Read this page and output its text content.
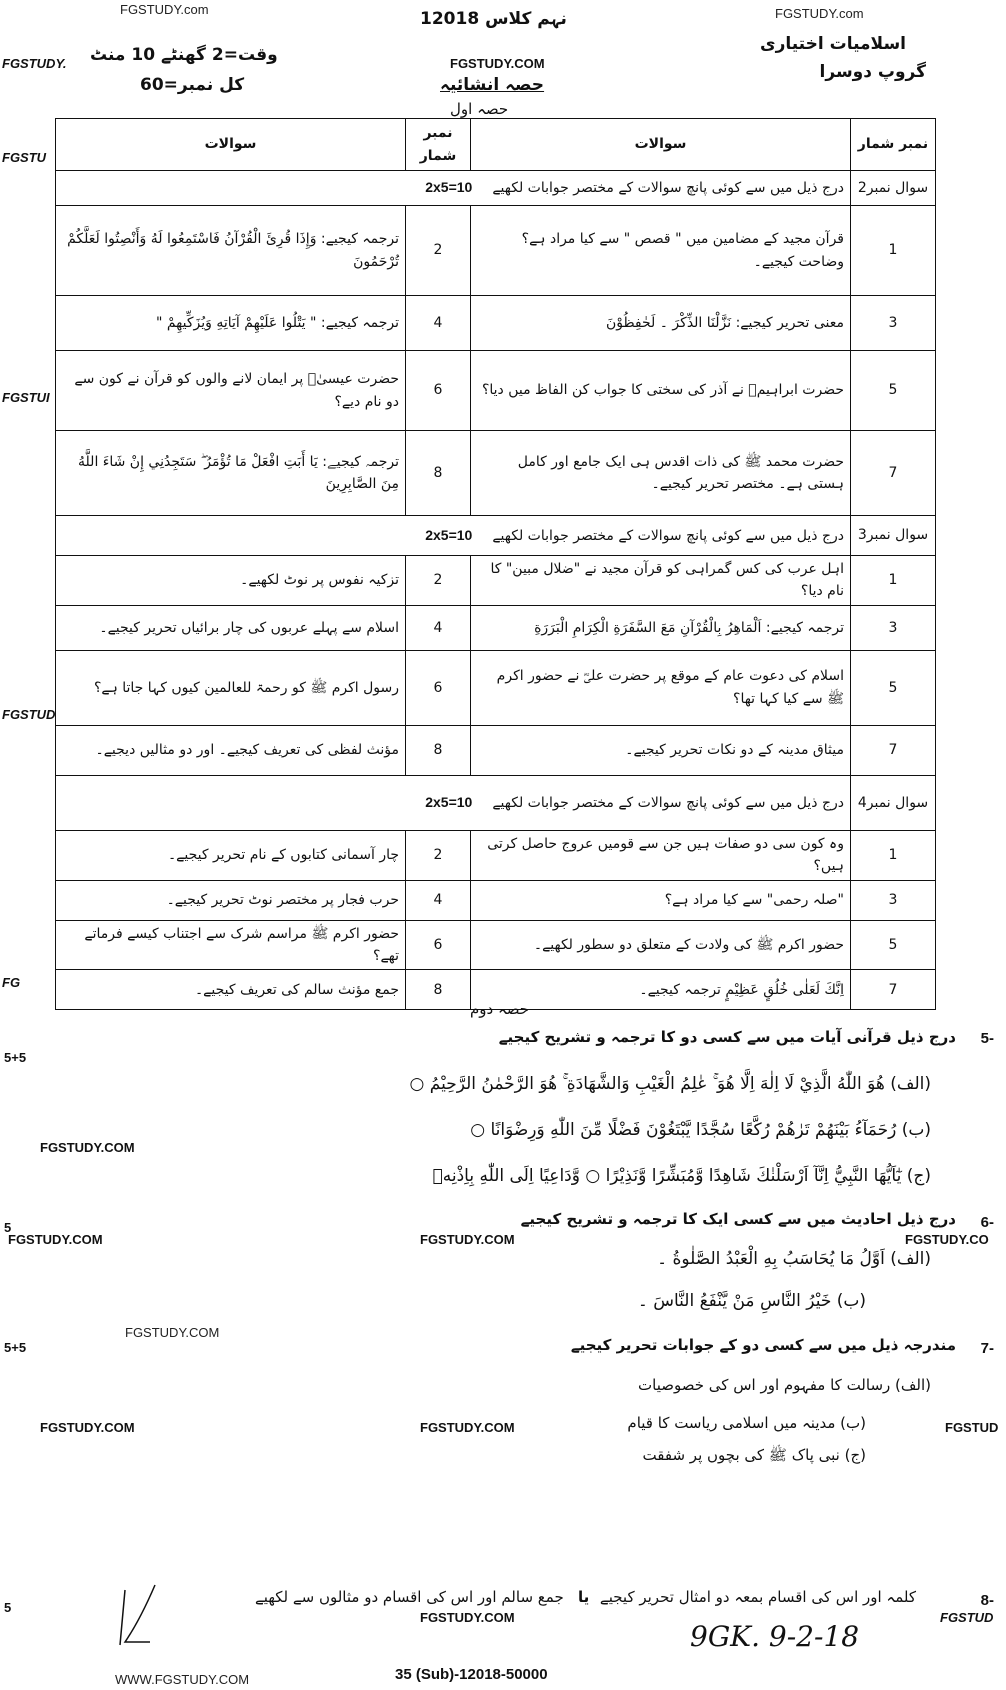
FGSTUDY.com	FGSTUDY.com
نہم کلاس 12018
اسلامیات اختیاری
گروپ دوسرا
وقت=2 گھنٹے 10 منٹ
FGSTUDY.
کل نمبر=60
FGSTUDY.COM
حصہ انشائیہ
حصہ اول
FGSTU
FGSTUI
FGSTUD
FG
نمبر شمار	سوالات	نمبر شمار	سوالات
سوال نمبر2	درج ذیل میں سے کوئی پانچ سوالات کے مختصر جوابات لکھیے2x5=10		
1	قرآن مجید کے مضامین میں " قصص " سے کیا مراد ہے؟ وضاحت کیجیے۔	2	ترجمہ کیجیے: وَإِذَا قُرِئَ الْقُرْآنُ فَاسْتَمِعُوا لَهُ وَأَنْصِتُوا لَعَلَّكُمْ تُرْحَمُونَ
3	معنی تحریر کیجیے: نَزَّلْنَا الذِّكْرَ ۔ لَحٰفِظُوْنَ	4	ترجمہ کیجیے: " يَتْلُوا عَلَيْهِمْ آيَاتِهِ وَيُزَكِّيهِمْ "
5	حضرت ابراہیمؑ نے آذر کی سختی کا جواب کن الفاظ میں دیا؟	6	حضرت عیسیٰؑ پر ایمان لانے والوں کو قرآن نے کون سے دو نام دیے؟
7	حضرت محمد ﷺ کی ذات اقدس ہی ایک جامع اور کامل ہستی ہے۔ مختصر تحریر کیجیے۔	8	ترجمہ کیجیے: يَا أَبَتِ افْعَلْ مَا تُؤْمَرُ ۖ سَتَجِدُنِي إِنْ شَاءَ اللَّهُ مِنَ الصَّابِرِينَ
سوال نمبر3	درج ذیل میں سے کوئی پانچ سوالات کے مختصر جوابات لکھیے2x5=10		
1	اہل عرب کی کس گمراہی کو قرآن مجید نے "ضلال مبین" کا نام دیا؟	2	تزکیہ نفوس پر نوٹ لکھیے۔
3	ترجمہ کیجیے: اَلْمَاهِرُ بِالْقُرْآنِ مَعَ السَّفَرَةِ الْكِرَامِ الْبَرَرَةِ	4	اسلام سے پہلے عربوں کی چار برائیاں تحریر کیجیے۔
5	اسلام کی دعوت عام کے موقع پر حضرت علیؓ نے حضور اکرم ﷺ سے کیا کہا تھا؟	6	رسول اکرم ﷺ کو رحمۃ للعالمین کیوں کہا جاتا ہے؟
7	میثاق مدینہ کے دو نکات تحریر کیجیے۔	8	مؤنث لفظی کی تعریف کیجیے۔ اور دو مثالیں دیجیے۔
سوال نمبر4	درج ذیل میں سے کوئی پانچ سوالات کے مختصر جوابات لکھیے2x5=10		
1	وہ کون سی دو صفات ہیں جن سے قومیں عروج حاصل کرتی ہیں؟	2	چار آسمانی کتابوں کے نام تحریر کیجیے۔
3	"صلہ رحمی" سے کیا مراد ہے؟	4	حرب فجار پر مختصر نوٹ تحریر کیجیے۔
5	حضور اکرم ﷺ کی ولادت کے متعلق دو سطور لکھیے۔	6	حضور اکرم ﷺ مراسم شرک سے اجتناب کیسے فرماتے تھے؟
7	اِنَّكَ لَعَلٰى خُلُقٍ عَظِيْمٍ ترجمہ کیجیے۔	8	جمع مؤنث سالم کی تعریف کیجیے۔
حصہ دوم
5-
درج ذیل قرآنی آیات میں سے کسی دو کا ترجمہ و تشریح کیجیے
5+5
(الف) هُوَ اللّٰهُ الَّذِيْ لَا اِلٰهَ اِلَّا هُوَ ۚ عٰلِمُ الْغَيْبِ وَالشَّهَادَةِ ۚ هُوَ الرَّحْمٰنُ الرَّحِيْمُ ○
(ب) رُحَمَآءُ بَيْنَهُمْ تَرٰهُمْ رُكَّعًا سُجَّدًا يَّبْتَغُوْنَ فَضْلًا مِّنَ اللّٰهِ وَرِضْوَانًا ○
FGSTUDY.COM
(ج) يٰٓاَيُّهَا النَّبِيُّ اِنَّآ اَرْسَلْنٰكَ شَاهِدًا وَّمُبَشِّرًا وَّنَذِيْرًا ○ وَّدَاعِيًا اِلَى اللّٰهِ بِاِذْنِهٖ
6-
درج ذیل احادیث میں سے کسی ایک کا ترجمہ و تشریح کیجیے
5
FGSTUDY.COM	FGSTUDY.COM	FGSTUDY.CO
(الف) اَوَّلُ مَا يُحَاسَبُ بِهِ الْعَبْدُ الصَّلٰوةُ ۔
(ب) خَيْرُ النَّاسِ مَنْ يَّنْفَعُ النَّاسَ ۔
7-
مندرجہ ذیل میں سے کسی دو کے جوابات تحریر کیجیے
5+5
FGSTUDY.COM
(الف) رسالت کا مفہوم اور اس کی خصوصیات
(ب) مدینہ میں اسلامی ریاست کا قیام
FGSTUDY.COM	FGSTUDY.COM	FGSTUD
(ج) نبی پاک ﷺ کی بچوں پر شفقت
8-
کلمہ اور اس کی اقسام بمعہ دو امثال تحریر کیجیے
یا
جمع سالم اور اس کی اقسام دو مثالوں سے لکھیے
5
FGSTUDY.COM	FGSTUD
9GK. 9-2-18
35 (Sub)-12018-50000
WWW.FGSTUDY.COM
